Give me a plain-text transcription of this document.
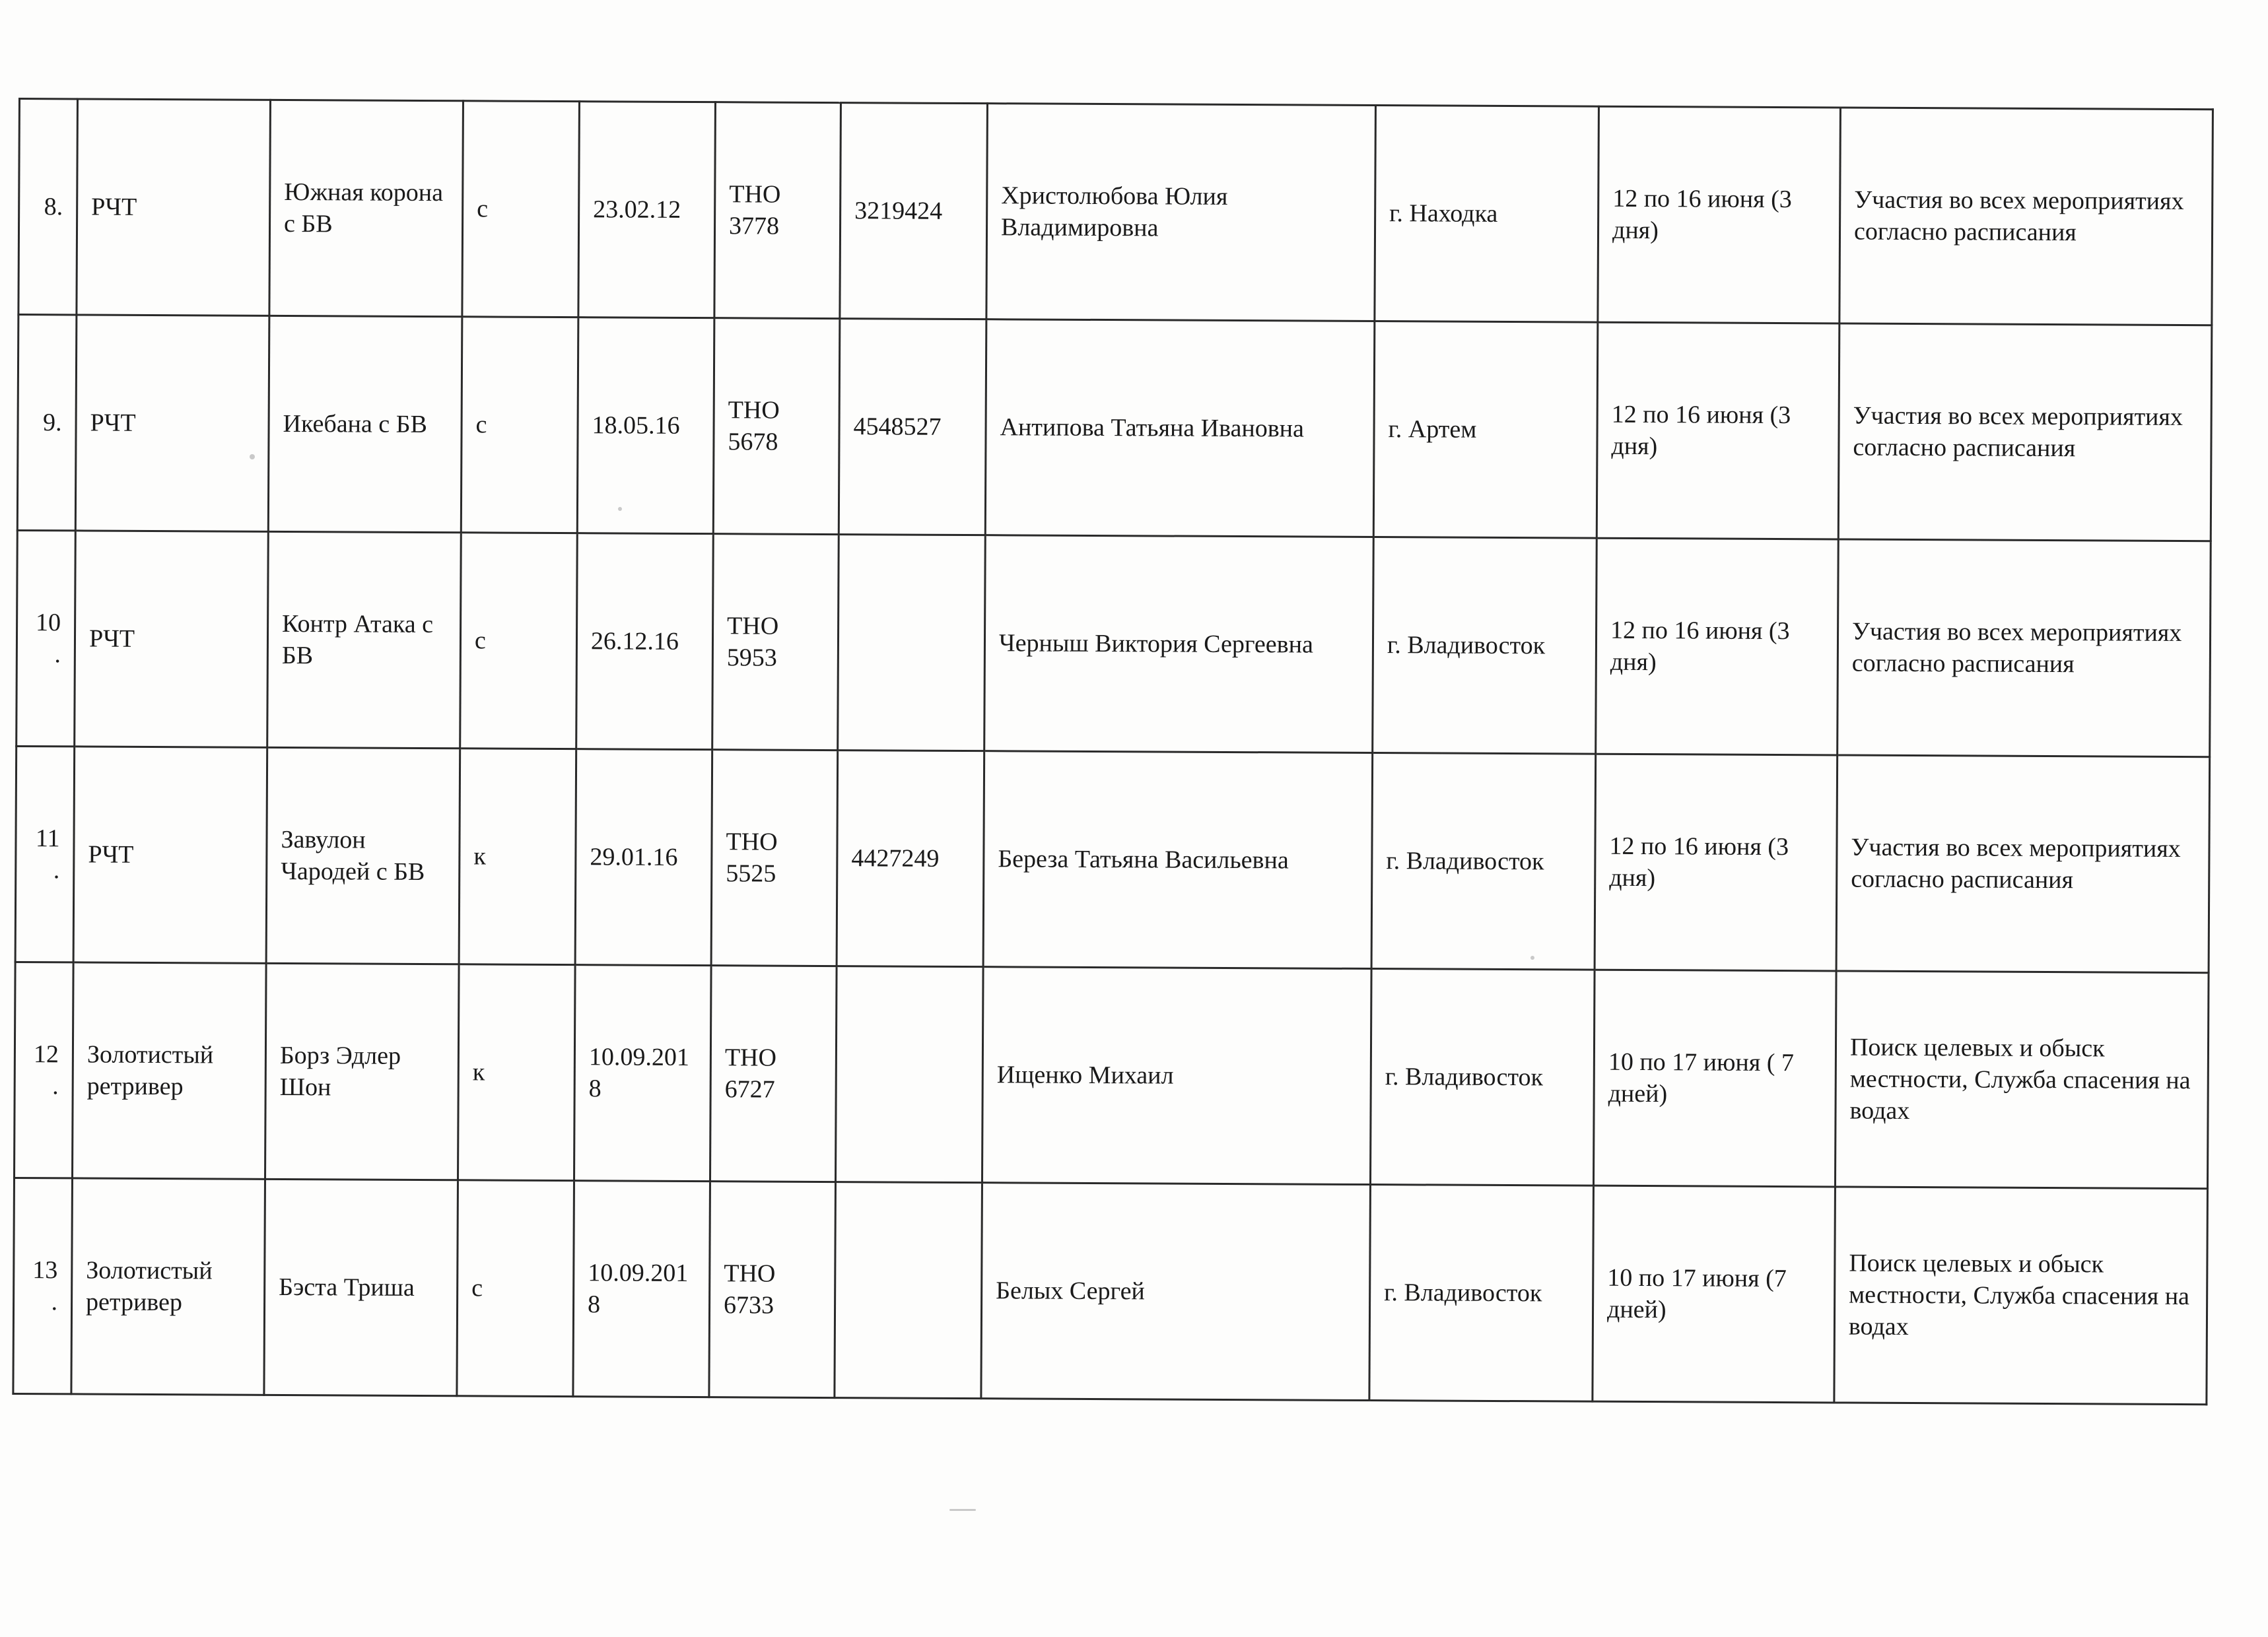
8.	РЧТ	Южная корона с БВ	с	23.02.12	ТНО 3778	3219424	Христолюбова Юлия Владимировна	г. Находка	12 по 16 июня (3 дня)	Участия во всех мероприятиях согласно расписания
9.	РЧТ	Икебана с БВ	с	18.05.16	ТНО 5678	4548527	Антипова Татьяна Ивановна	г. Артем	12 по 16 июня (3 дня)	Участия во всех мероприятиях согласно расписания
10.	РЧТ	Контр Атака с БВ	с	26.12.16	ТНО 5953		Черныш Виктория Сергеевна	г. Владивосток	12 по 16 июня (3 дня)	Участия во всех мероприятиях согласно расписания
11.	РЧТ	Завулон Чародей с БВ	к	29.01.16	ТНО 5525	4427249	Береза Татьяна Васильевна	г. Владивосток	12 по 16 июня (3 дня)	Участия во всех мероприятиях согласно расписания
12.	Золотистый ретривер	Борз Эдлер Шон	к	10.09.2018	ТНО 6727		Ищенко Михаил	г. Владивосток	10 по 17 июня ( 7 дней)	Поиск целевых и обыск местности, Служба спасения на водах
13.	Золотистый ретривер	Бэста Триша	с	10.09.2018	ТНО 6733		Белых Сергей	г. Владивосток	10 по 17 июня (7 дней)	Поиск целевых и обыск местности, Служба спасения на водах
